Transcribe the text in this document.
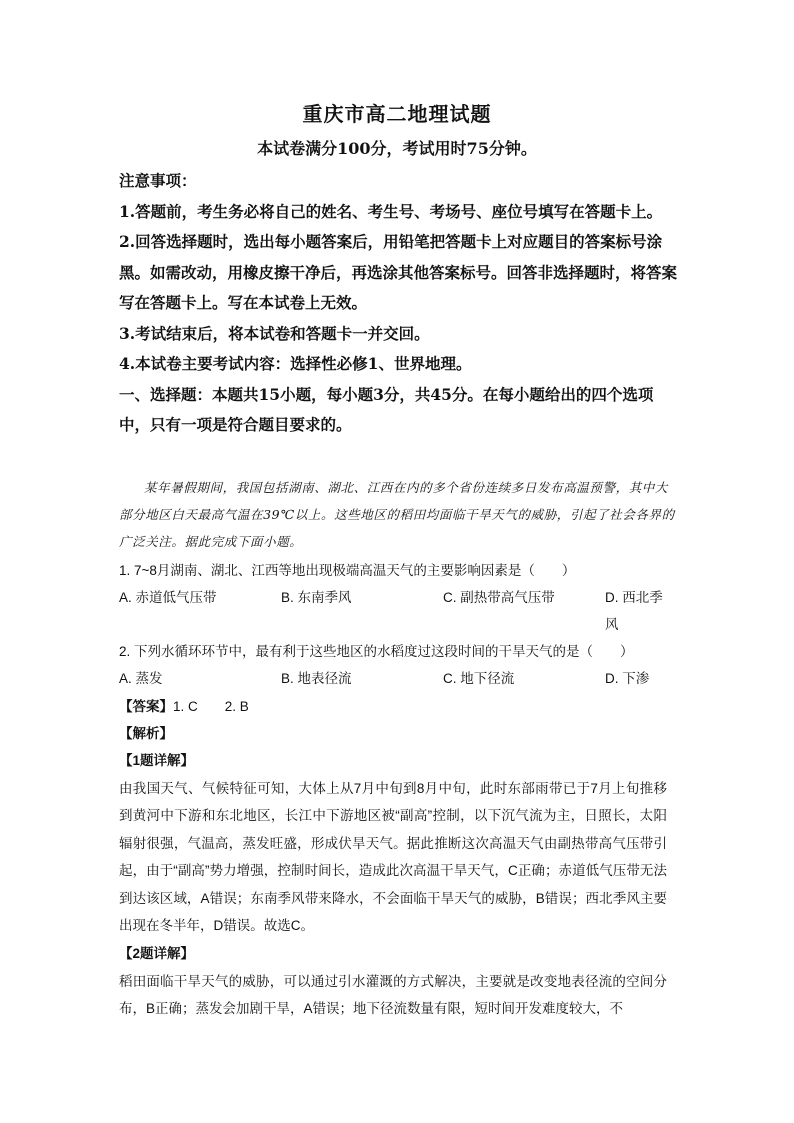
重庆市高二地理试题
本试卷满分100分，考试用时75分钟。

注意事项：

1.答题前，考生务必将自己的姓名、考生号、考场号、座位号填写在答题卡上。

2.回答选择题时，选出每小题答案后，用铅笔把答题卡上对应题目的答案标号涂黑。如需改动，用橡皮擦干净后，再选涂其他答案标号。回答非选择题时，将答案写在答题卡上。写在本试卷上无效。

3.考试结束后，将本试卷和答题卡一并交回。

4.本试卷主要考试内容：选择性必修1、世界地理。

一、选择题：本题共15小题，每小题3分，共45分。在每小题给出的四个选项中，只有一项是符合题目要求的。

某年暑假期间，我国包括湖南、湖北、江西在内的多个省份连续多日发布高温预警，其中大部分地区白天最高气温在39℃以上。这些地区的稻田均面临干旱天气的威胁，引起了社会各界的广泛关注。据此完成下面小题。

1. 7~8月湖南、湖北、江西等地出现极端高温天气的主要影响因素是（　　）

A. 赤道低气压带	B. 东南季风	C. 副热带高气压带	D. 西北季风

2. 下列水循环环节中，最有利于这些地区的水稻度过这段时间的干旱天气的是（　　）

A. 蒸发	B. 地表径流	C. 地下径流	D. 下渗

【答案】1. C　　2. B
【解析】

【1题详解】

由我国天气、气候特征可知，大体上从7月中旬到8月中旬，此时东部雨带已于7月上旬推移到黄河中下游和东北地区，长江中下游地区被“副高”控制，以下沉气流为主，日照长，太阳辐射很强，气温高，蒸发旺盛，形成伏旱天气。据此推断这次高温天气由副热带高气压带引起，由于“副高”势力增强，控制时间长，造成此次高温干旱天气，C正确；赤道低气压带无法到达该区域，A错误；东南季风带来降水，不会面临干旱天气的威胁，B错误；西北季风主要出现在冬半年，D错误。故选C。

【2题详解】

稻田面临干旱天气的威胁，可以通过引水灌溉的方式解决，主要就是改变地表径流的空间分布，B正确；蒸发会加剧干旱，A错误；地下径流数量有限，短时间开发难度较大，不
